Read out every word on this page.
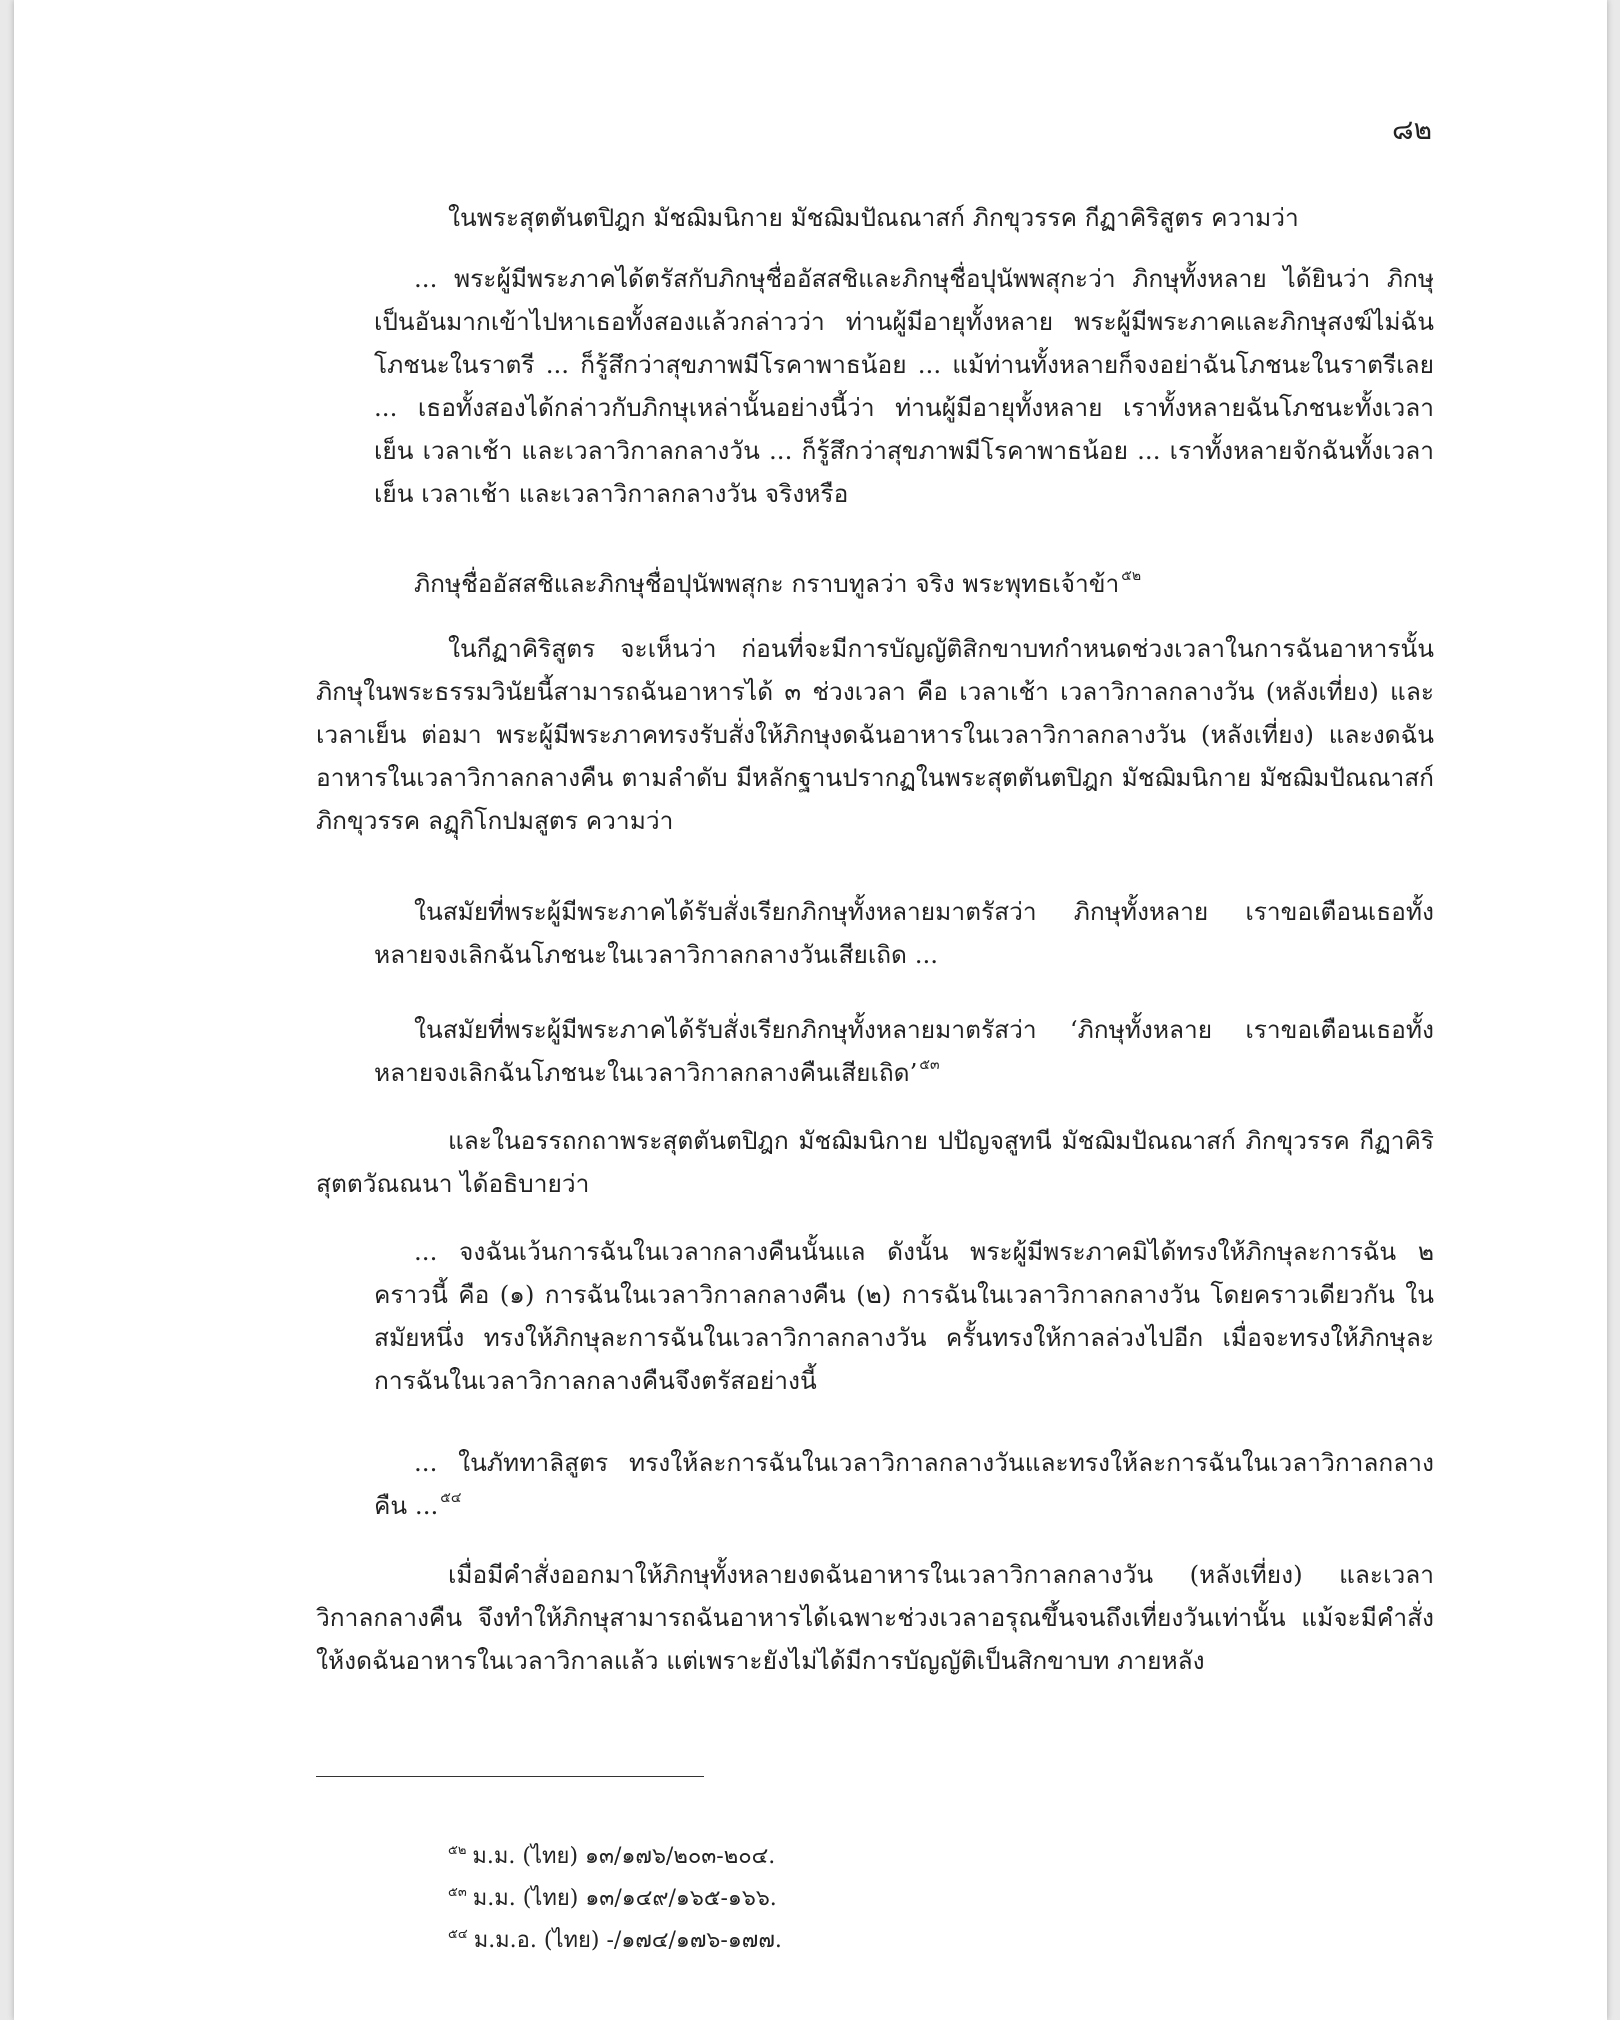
๘๒

ในพระสุตตันตปิฎก มัชฌิมนิกาย มัชฌิมปัณณาสก์ ภิกขุวรรค กีฏาคิริสูตร ความว่า

... พระผู้มีพระภาคได้ตรัสกับภิกษุชื่ออัสสชิและภิกษุชื่อปุนัพพสุกะว่า ภิกษุทั้งหลาย ได้ยินว่า ภิกษุเป็นอันมากเข้าไปหาเธอทั้งสองแล้วกล่าวว่า ท่านผู้มีอายุทั้งหลาย พระผู้มีพระภาคและภิกษุสงฆ์ไม่ฉันโภชนะในราตรี ... ก็รู้สึกว่าสุขภาพมีโรคาพาธน้อย ... แม้ท่านทั้งหลายก็จงอย่าฉันโภชนะในราตรีเลย ... เธอทั้งสองได้กล่าวกับภิกษุเหล่านั้นอย่างนี้ว่า ท่านผู้มีอายุทั้งหลาย เราทั้งหลายฉันโภชนะทั้งเวลาเย็น เวลาเช้า และเวลาวิกาลกลางวัน ... ก็รู้สึกว่าสุขภาพมีโรคาพาธน้อย ... เราทั้งหลายจักฉันทั้งเวลาเย็น เวลาเช้า และเวลาวิกาลกลางวัน จริงหรือ

ภิกษุชื่ออัสสชิและภิกษุชื่อปุนัพพสุกะ กราบทูลว่า จริง พระพุทธเจ้าข้า $^{๕๒}$

ในกีฏาคิริสูตร จะเห็นว่า ก่อนที่จะมีการบัญญัติสิกขาบทกำหนดช่วงเวลาในการฉันอาหารนั้น ภิกษุในพระธรรมวินัยนี้สามารถฉันอาหารได้ ๓ ช่วงเวลา คือ เวลาเช้า เวลาวิกาลกลางวัน (หลังเที่ยง) และเวลาเย็น ต่อมา พระผู้มีพระภาคทรงรับสั่งให้ภิกษุงดฉันอาหารในเวลาวิกาลกลางวัน (หลังเที่ยง) และงดฉันอาหารในเวลาวิกาลกลางคืน ตามลำดับ มีหลักฐานปรากฏในพระสุตตันตปิฎก มัชฌิมนิกาย มัชฌิมปัณณาสก์ ภิกขุวรรค ลฏุกิโกปมสูตร ความว่า

ในสมัยที่พระผู้มีพระภาคได้รับสั่งเรียกภิกษุทั้งหลายมาตรัสว่า ภิกษุทั้งหลาย เราขอเตือนเธอทั้งหลายจงเลิกฉันโภชนะในเวลาวิกาลกลางวันเสียเถิด ...

ในสมัยที่พระผู้มีพระภาคได้รับสั่งเรียกภิกษุทั้งหลายมาตรัสว่า ‘ภิกษุทั้งหลาย เราขอเตือนเธอทั้งหลายจงเลิกฉันโภชนะในเวลาวิกาลกลางคืนเสียเถิด’ $^{๕๓}$

และในอรรถกถาพระสุตตันตปิฎก มัชฌิมนิกาย ปปัญจสูทนี มัชฌิมปัณณาสก์ ภิกขุวรรค กีฏาคิริสุตตวัณณนา ได้อธิบายว่า

... จงฉันเว้นการฉันในเวลากลางคืนนั้นแล ดังนั้น พระผู้มีพระภาคมิได้ทรงให้ภิกษุละการฉัน ๒ คราวนี้ คือ (๑) การฉันในเวลาวิกาลกลางคืน (๒) การฉันในเวลาวิกาลกลางวัน โดยคราวเดียวกัน ในสมัยหนึ่ง ทรงให้ภิกษุละการฉันในเวลาวิกาลกลางวัน ครั้นทรงให้กาลล่วงไปอีก เมื่อจะทรงให้ภิกษุละการฉันในเวลาวิกาลกลางคืนจึงตรัสอย่างนี้

... ในภัททาลิสูตร ทรงให้ละการฉันในเวลาวิกาลกลางวันและทรงให้ละการฉันในเวลาวิกาลกลางคืน ... $^{๕๔}$

เมื่อมีคำสั่งออกมาให้ภิกษุทั้งหลายงดฉันอาหารในเวลาวิกาลกลางวัน (หลังเที่ยง) และเวลาวิกาลกลางคืน จึงทำให้ภิกษุสามารถฉันอาหารได้เฉพาะช่วงเวลาอรุณขึ้นจนถึงเที่ยงวันเท่านั้น แม้จะมีคำสั่งให้งดฉันอาหารในเวลาวิกาลแล้ว แต่เพราะยังไม่ได้มีการบัญญัติเป็นสิกขาบท ภายหลัง

$^{๕๒}$ ม.ม. (ไทย) ๑๓/๑๗๖/๒๐๓-๒๐๔.

$^{๕๓}$ ม.ม. (ไทย) ๑๓/๑๔๙/๑๖๕-๑๖๖.

$^{๕๔}$ ม.ม.อ. (ไทย) -/๑๗๔/๑๗๖-๑๗๗.
